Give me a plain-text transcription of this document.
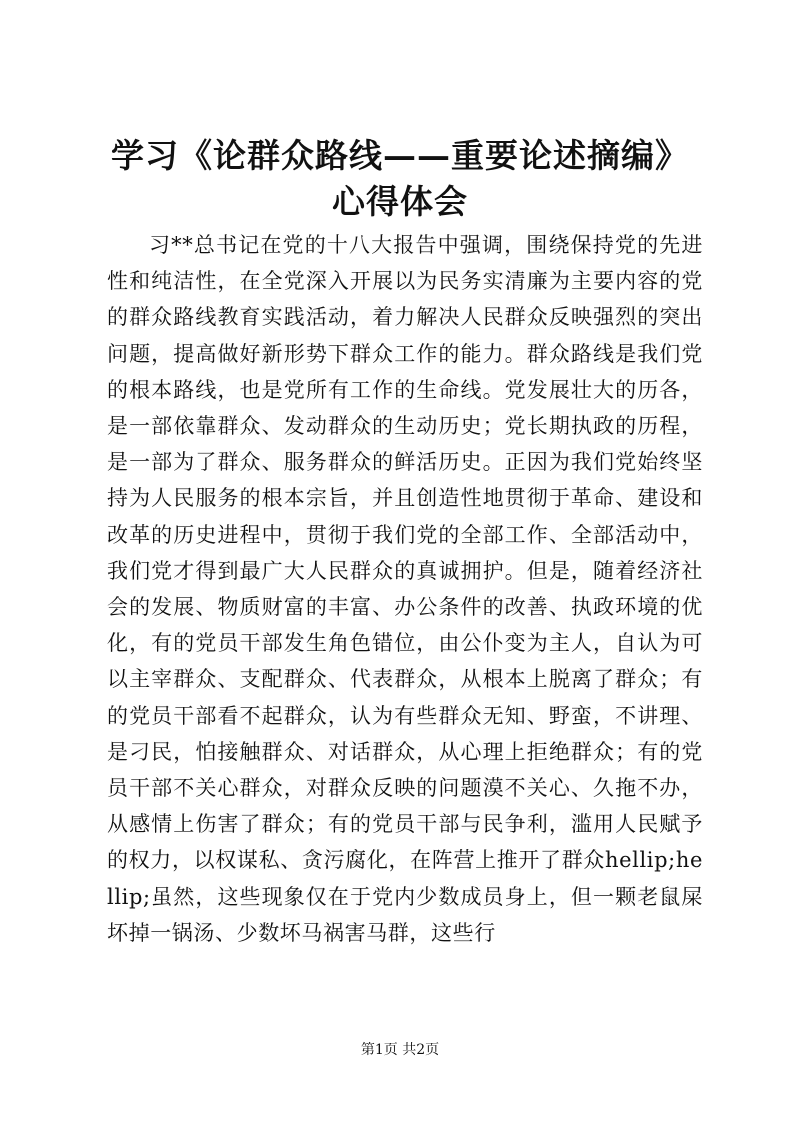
学习《论群众路线——重要论述摘编》心得体会

习**总书记在党的十八大报告中强调，围绕保持党的先进性和纯洁性，在全党深入开展以为民务实清廉为主要内容的党的群众路线教育实践活动，着力解决人民群众反映强烈的突出问题，提高做好新形势下群众工作的能力。群众路线是我们党的根本路线，也是党所有工作的生命线。党发展壮大的历各，是一部依靠群众、发动群众的生动历史；党长期执政的历程，是一部为了群众、服务群众的鲜活历史。正因为我们党始终坚持为人民服务的根本宗旨，并且创造性地贯彻于革命、建设和改革的历史进程中，贯彻于我们党的全部工作、全部活动中，我们党才得到最广大人民群众的真诚拥护。但是，随着经济社会的发展、物质财富的丰富、办公条件的改善、执政环境的优化，有的党员干部发生角色错位，由公仆变为主人，自认为可以主宰群众、支配群众、代表群众，从根本上脱离了群众；有的党员干部看不起群众，认为有些群众无知、野蛮，不讲理、是刁民，怕接触群众、对话群众，从心理上拒绝群众；有的党员干部不关心群众，对群众反映的问题漠不关心、久拖不办，从感情上伤害了群众；有的党员干部与民争利，滥用人民赋予的权力，以权谋私、贪污腐化，在阵营上推开了群众hellip;hellip;虽然，这些现象仅在于党内少数成员身上，但一颗老鼠屎坏掉一锅汤、少数坏马祸害马群，这些行

第1页 共2页
